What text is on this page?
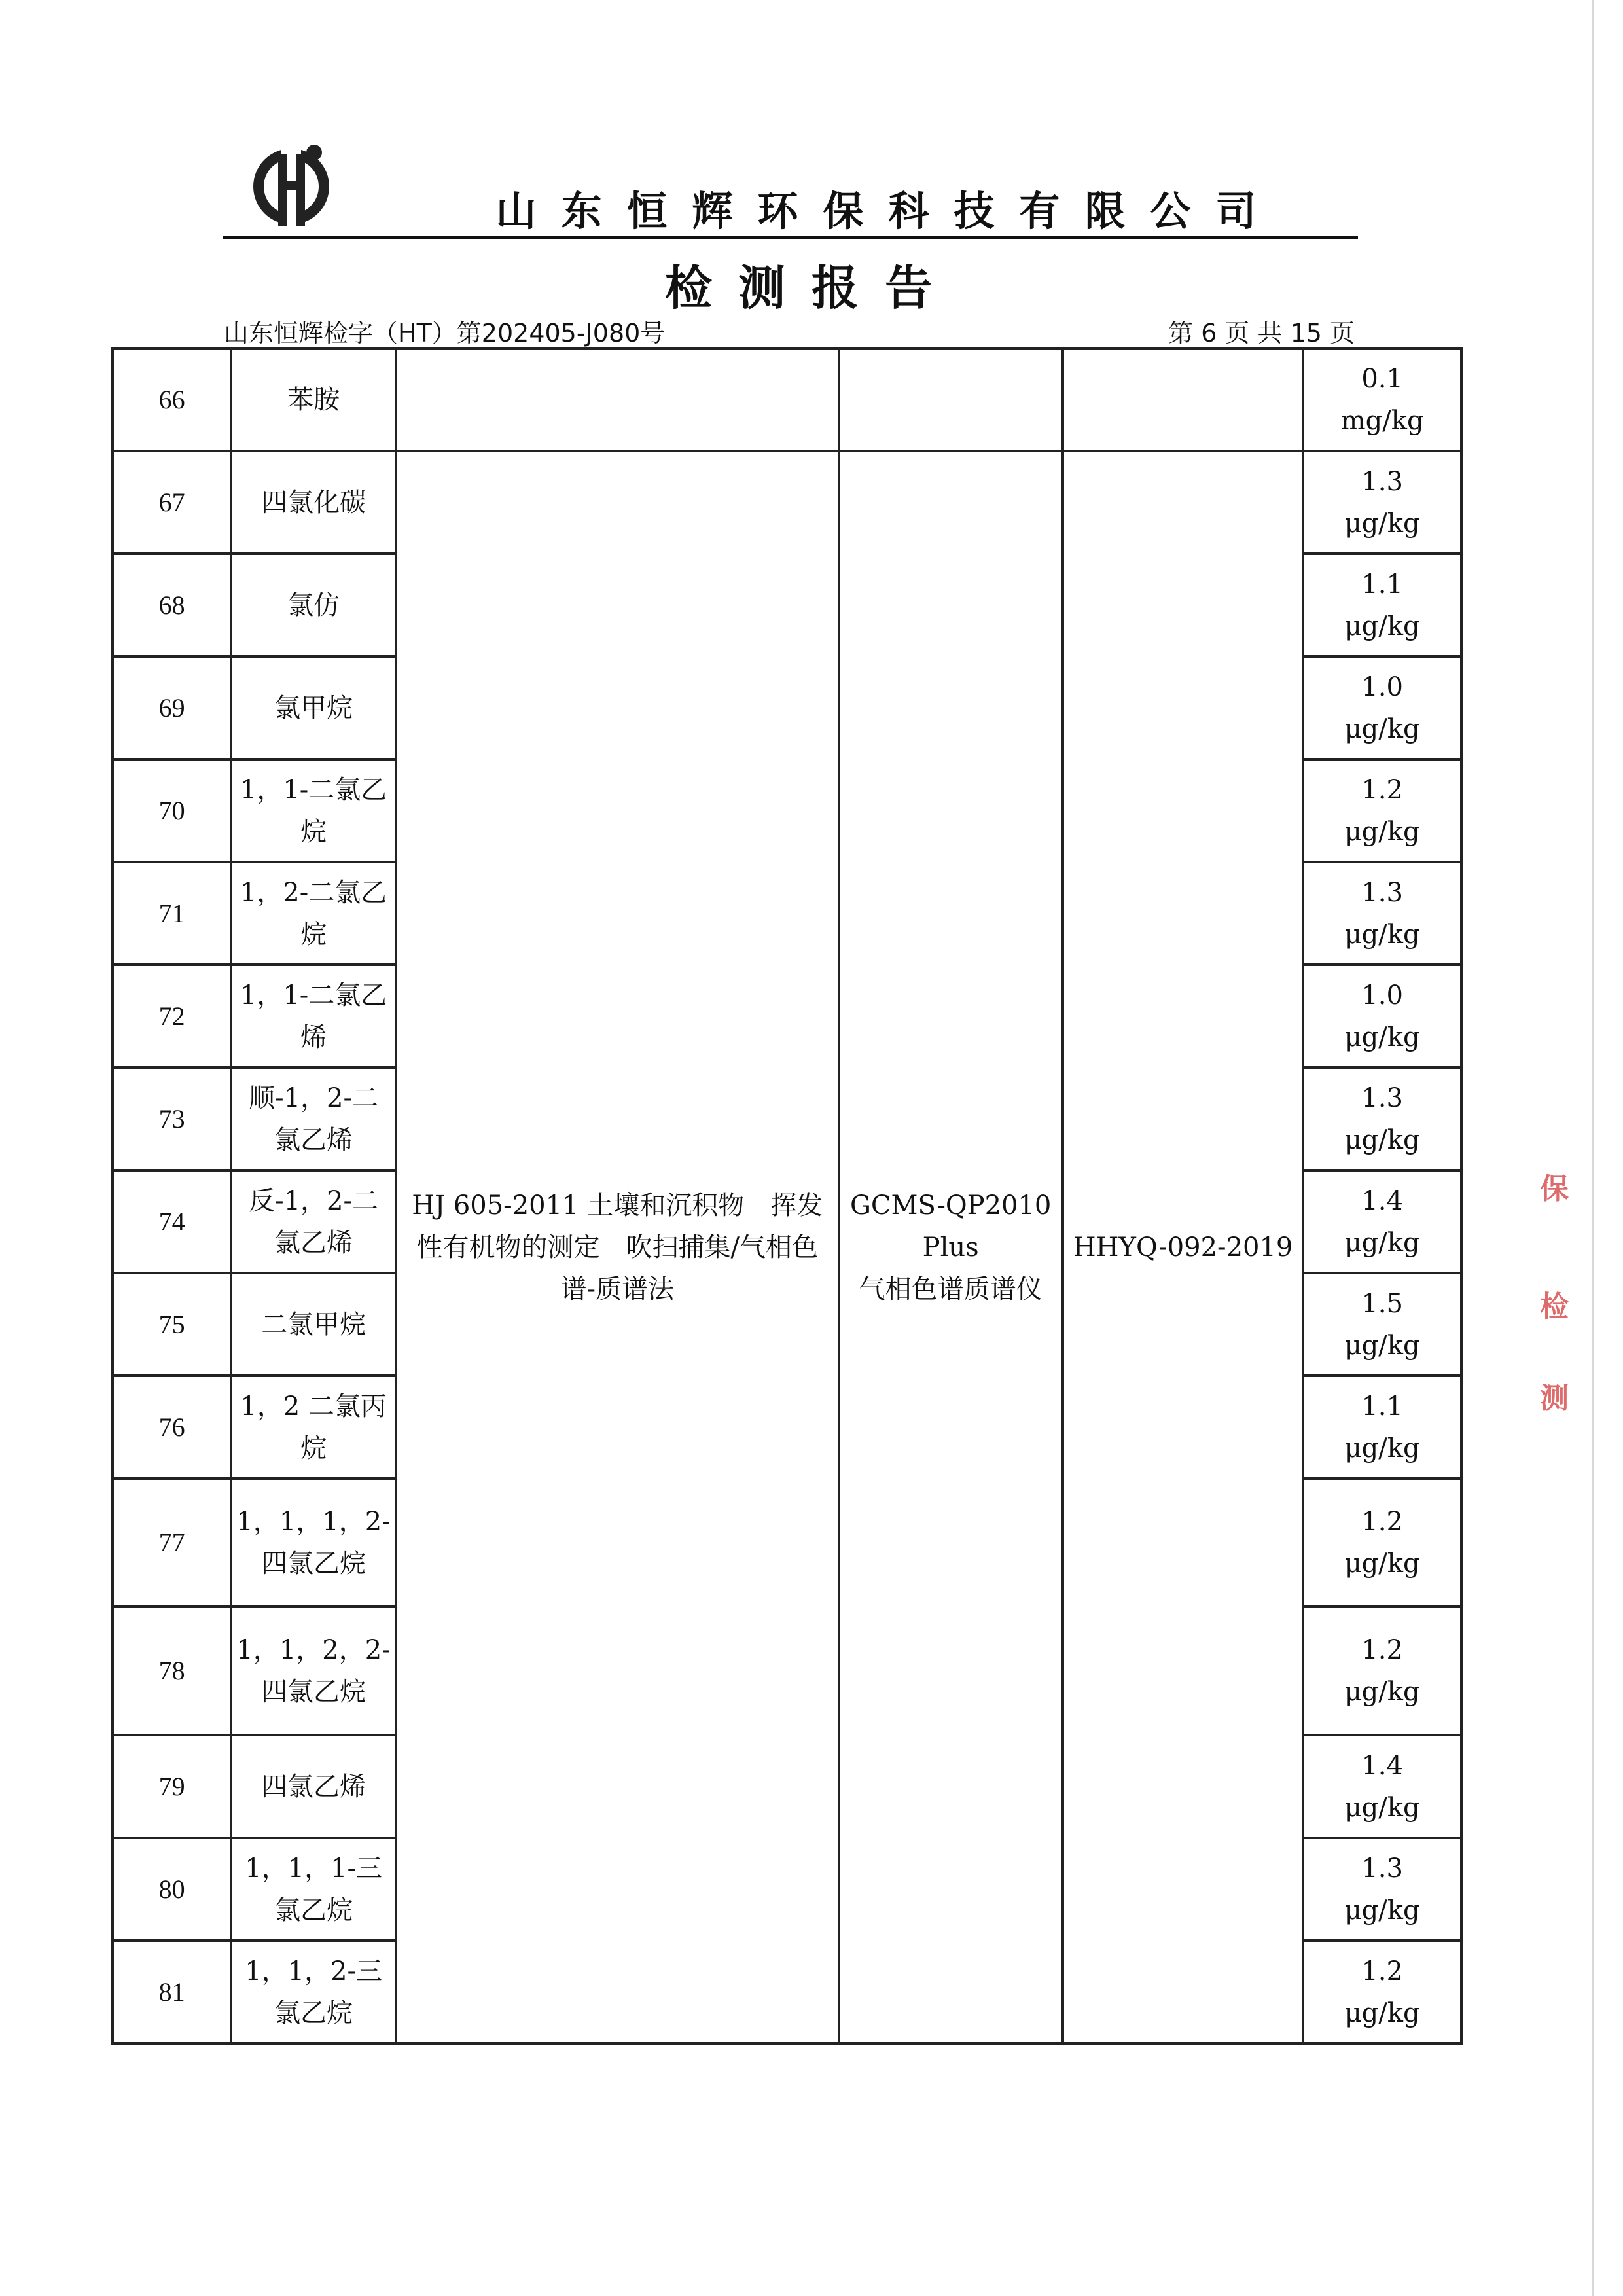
山东恒辉环保科技有限公司
检测报告
山东恒辉检字（HT）第202405-J080号	第 6 页 共 15 页
66	苯胺				0.1
mg/kg
67	四氯化碳	HJ 605-2011 土壤和沉积物　挥发性有机物的测定　吹扫捕集/气相色谱-质谱法	GCMS-QP2010
Plus
气相色谱质谱仪	HHYQ-092-2019	1.3
μg/kg
68	氯仿				1.1
μg/kg
69	氯甲烷				1.0
μg/kg
70	1，1-二氯乙烷				1.2
μg/kg
71	1，2-二氯乙烷				1.3
μg/kg
72	1，1-二氯乙烯				1.0
μg/kg
73	顺-1，2-二氯乙烯				1.3
μg/kg
74	反-1，2-二氯乙烯				1.4
μg/kg
75	二氯甲烷				1.5
μg/kg
76	1，2 二氯丙烷				1.1
μg/kg
77	1，1，1，2-四氯乙烷				1.2
μg/kg
78	1，1，2，2-四氯乙烷				1.2
μg/kg
79	四氯乙烯				1.4
μg/kg
80	1，1，1-三氯乙烷				1.3
μg/kg
81	1，1，2-三氯乙烷				1.2
μg/kg
保
检
测
